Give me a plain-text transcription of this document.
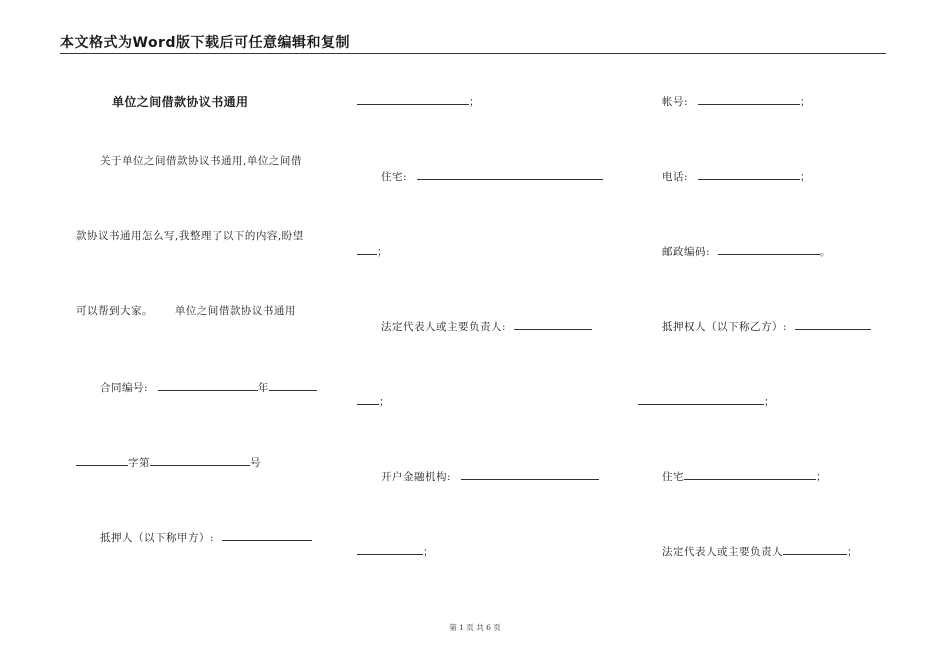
本文格式为Word版下载后可任意编辑和复制
单位之间借款协议书通用
关于单位之间借款协议书通用,单位之间借
款协议书通用怎么写,我整理了以下的内容,盼望
可以帮到大家。 单位之间借款协议书通用
合同编号:	年
字第	号
抵押人（以下称甲方）:
；
住宅:
；
法定代表人或主要负责人:
；
开户金融机构:
；
帐号:	；
电话:	；
邮政编码:	。
抵押权人（以下称乙方）:
；
住宅	；
法定代表人或主要负责人	；
第 1 页 共 6 页
